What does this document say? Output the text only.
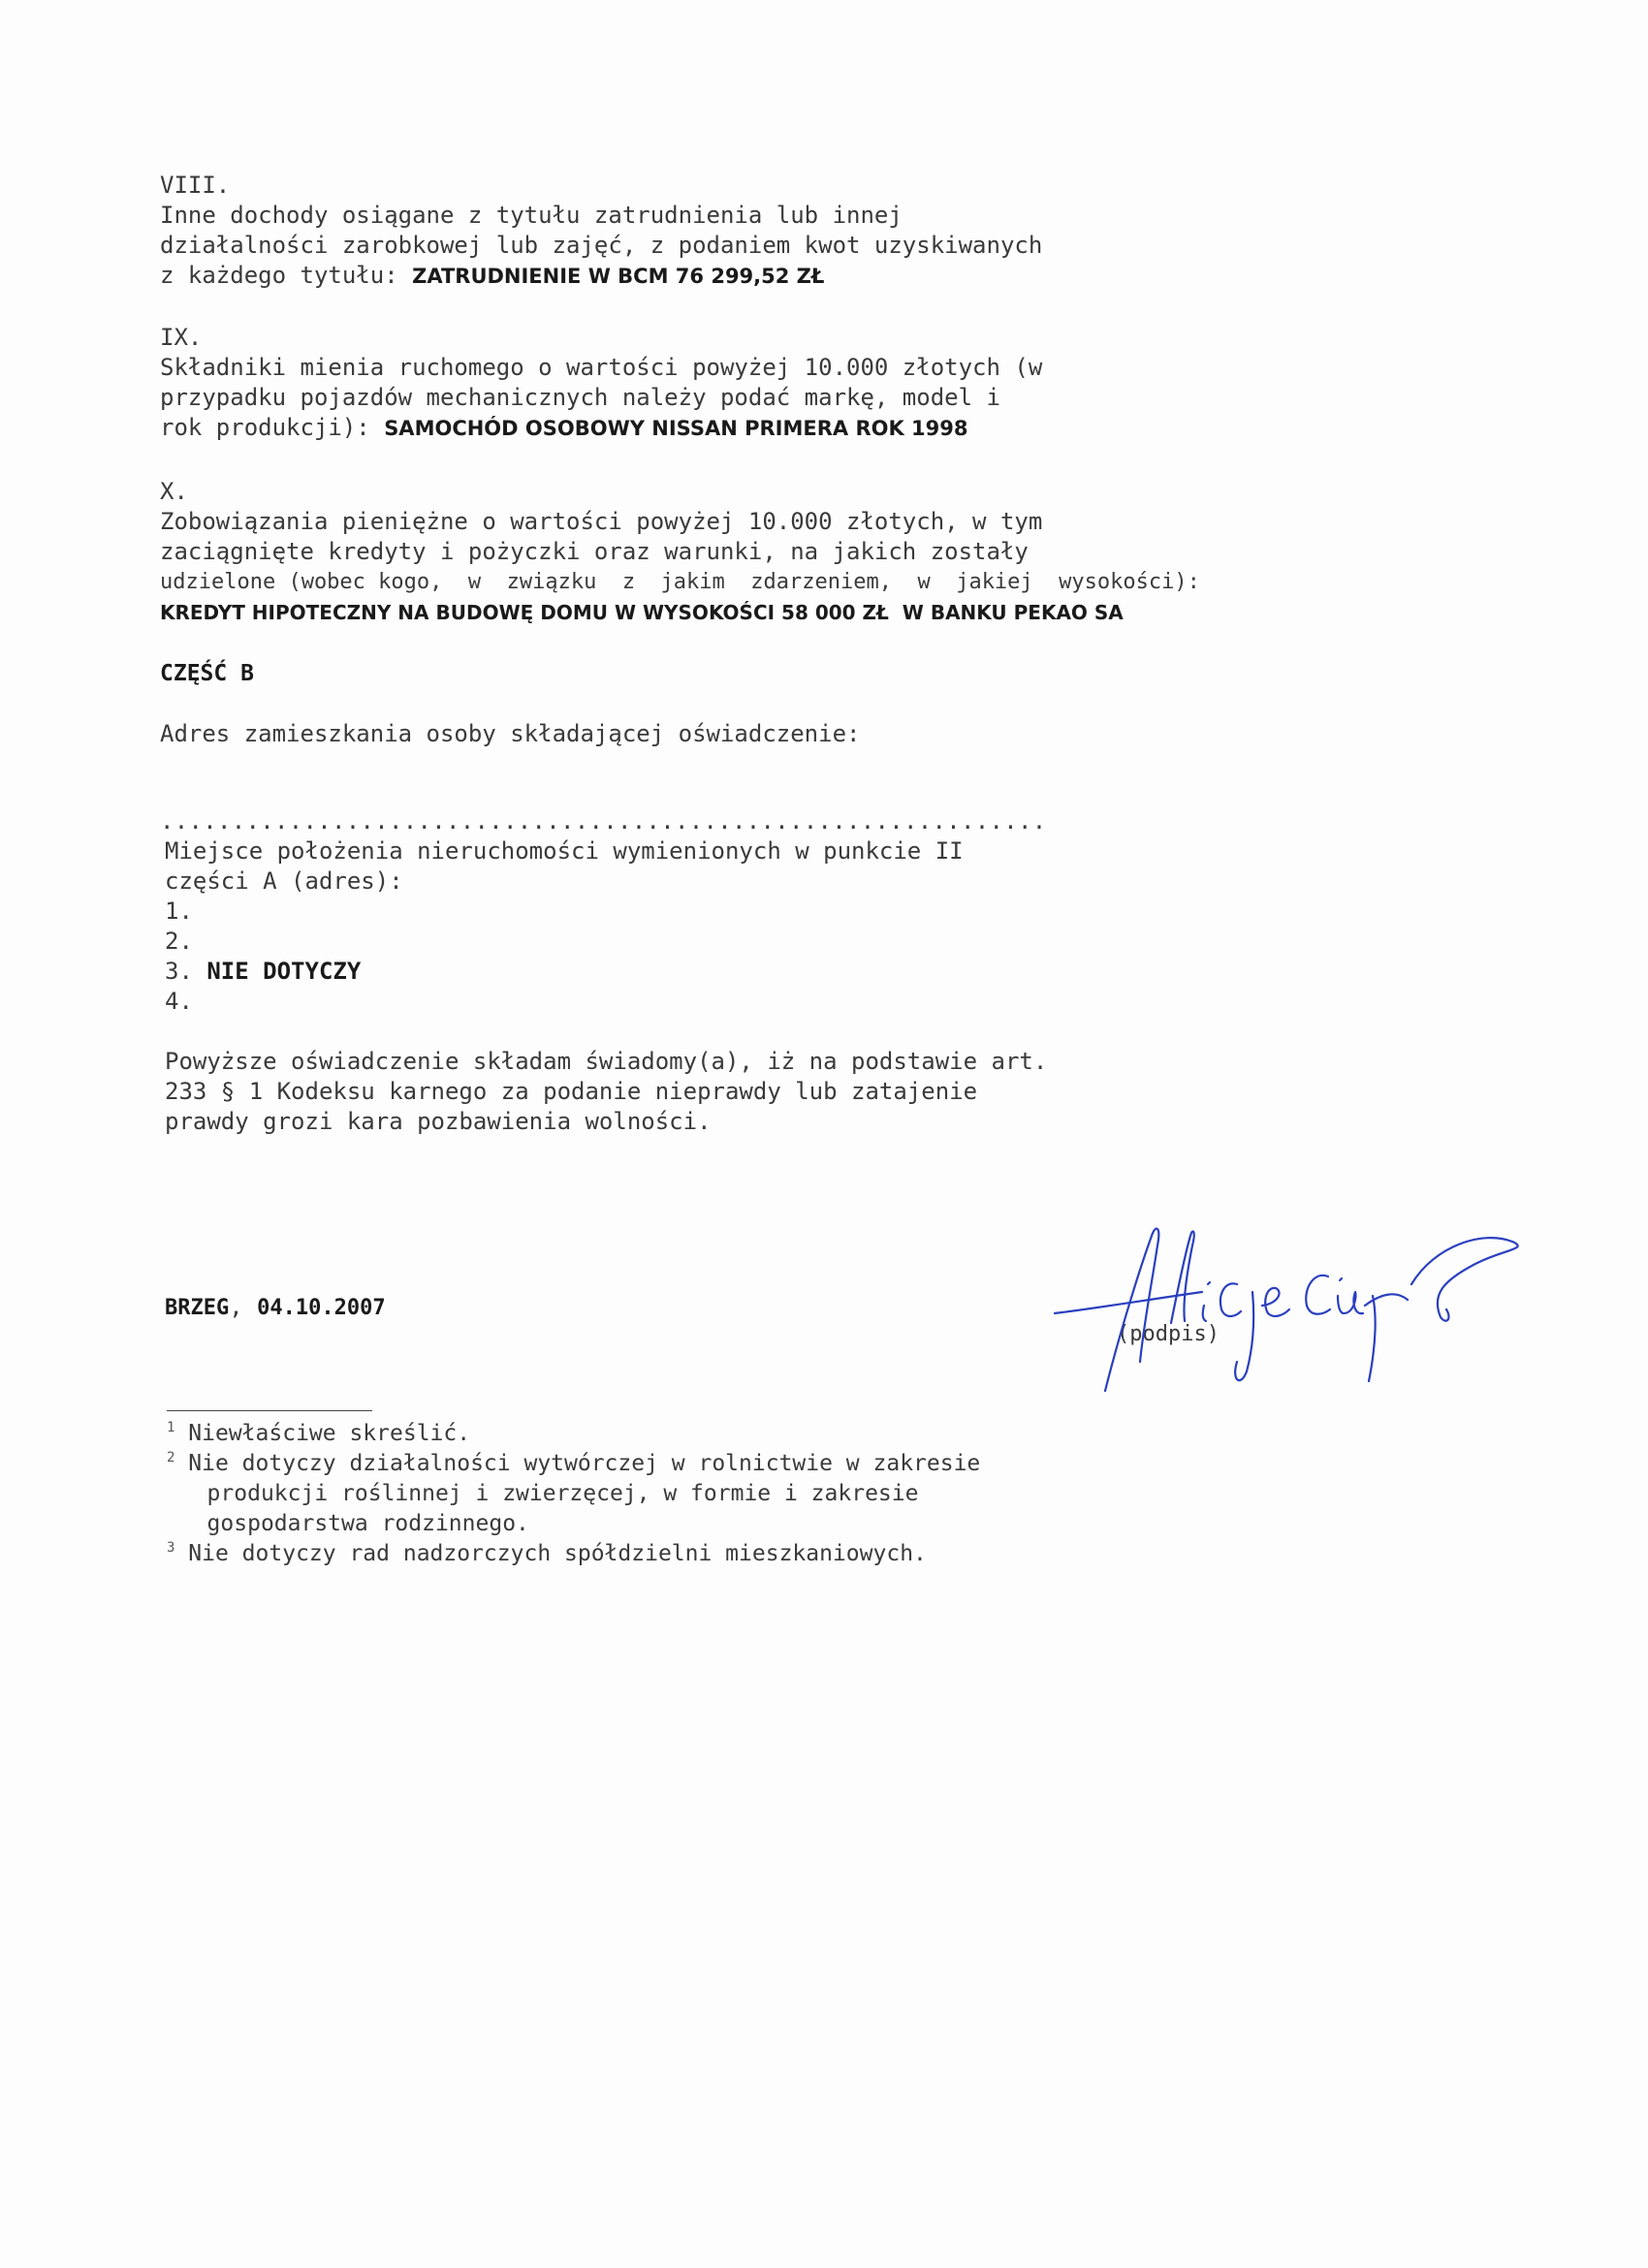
VIII.

Inne dochody osiągane z tytułu zatrudnienia lub innej

działalności zarobkowej lub zajęć, z podaniem kwot uzyskiwanych

z każdego tytułu: ZATRUDNIENIE W BCM 76 299,52 ZŁ

IX.

Składniki mienia ruchomego o wartości powyżej 10.000 złotych (w

przypadku pojazdów mechanicznych należy podać markę, model i

rok produkcji): SAMOCHÓD OSOBOWY NISSAN PRIMERA ROK 1998

X.

Zobowiązania pieniężne o wartości powyżej 10.000 złotych, w tym

zaciągnięte kredyty i pożyczki oraz warunki, na jakich zostały

udzielone (wobec kogo,  w  związku  z  jakim  zdarzeniem,  w  jakiej  wysokości):

KREDYT HIPOTECZNY NA BUDOWĘ DOMU W WYSOKOŚCI 58 000 ZŁ  W BANKU PEKAO SA

CZĘŚĆ B

Adres zamieszkania osoby składającej oświadczenie:

..............................................................

Miejsce położenia nieruchomości wymienionych w punkcie II

części A (adres):

1.

2.

3. NIE DOTYCZY

4.

Powyższe oświadczenie składam świadomy(a), iż na podstawie art.

233 § 1 Kodeksu karnego za podanie nieprawdy lub zatajenie

prawdy grozi kara pozbawienia wolności.

BRZEG, 04.10.2007

(podpis)

$^1$ Niewłaściwe skreślić.

$^2$ Nie dotyczy działalności wytwórczej w rolnictwie w zakresie

produkcji roślinnej i zwierzęcej, w formie i zakresie

gospodarstwa rodzinnego.

$^3$ Nie dotyczy rad nadzorczych spółdzielni mieszkaniowych.
